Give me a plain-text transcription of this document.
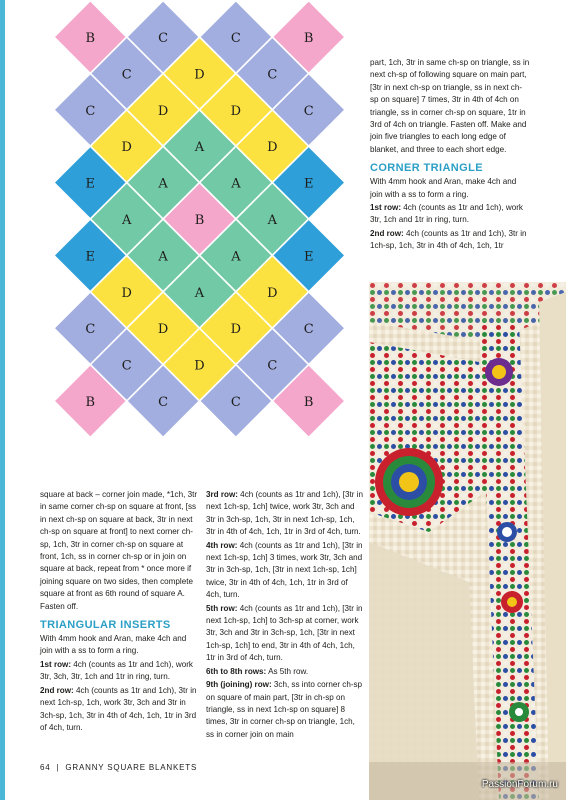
B	C	C	B
C	D	C
C	D	D	C
D	A	D
E	A	A	E
A	B	A
E	A	A	E
D	A	D
C	D	D	C
C	D	C
B	C	C	B

part, 1ch, 3tr in same ch-sp on triangle, ss in next ch-sp of following square on main part, [3tr in next ch-sp on triangle, ss in next ch-sp on square] 7 times, 3tr in 4th of 4ch on triangle, ss in corner ch-sp on square, 1tr in 3rd of 4ch on triangle. Fasten off. Make and join five triangles to each long edge of blanket, and three to each short edge.

CORNER TRIANGLE

With 4mm hook and Aran, make 4ch and join with a ss to form a ring.

1st row: 4ch (counts as 1tr and 1ch), work 3tr, 1ch and 1tr in ring, turn.

2nd row: 4ch (counts as 1tr and 1ch), 3tr in 1ch-sp, 1ch, 3tr in 4th of 4ch, 1ch, 1tr

square at back – corner join made, *1ch, 3tr in same corner ch-sp on square at front, [ss in next ch-sp on square at back, 3tr in next ch-sp on square at front] to next corner ch-sp, 1ch, 3tr in corner ch-sp on square at front, 1ch, ss in corner ch-sp or in join on square at back, repeat from * once more if joining square on two sides, then complete square at front as 6th round of square A. Fasten off.

TRIANGULAR INSERTS

With 4mm hook and Aran, make 4ch and join with a ss to form a ring.

1st row: 4ch (counts as 1tr and 1ch), work 3tr, 3ch, 3tr, 1ch and 1tr in ring, turn.

2nd row: 4ch (counts as 1tr and 1ch), 3tr in next 1ch-sp, 1ch, work 3tr, 3ch and 3tr in 3ch-sp, 1ch, 3tr in 4th of 4ch, 1ch, 1tr in 3rd of 4ch, turn.

3rd row: 4ch (counts as 1tr and 1ch), [3tr in next 1ch-sp, 1ch] twice, work 3tr, 3ch and 3tr in 3ch-sp, 1ch, 3tr in next 1ch-sp, 1ch, 3tr in 4th of 4ch, 1ch, 1tr in 3rd of 4ch, turn.

4th row: 4ch (counts as 1tr and 1ch), [3tr in next 1ch-sp, 1ch] 3 times, work 3tr, 3ch and 3tr in 3ch-sp, 1ch, [3tr in next 1ch-sp, 1ch] twice, 3tr in 4th of 4ch, 1ch, 1tr in 3rd of 4ch, turn.

5th row: 4ch (counts as 1tr and 1ch), [3tr in next 1ch-sp, 1ch] to 3ch-sp at corner, work 3tr, 3ch and 3tr in 3ch-sp, 1ch, [3tr in next 1ch-sp, 1ch] to end, 3tr in 4th of 4ch, 1ch, 1tr in 3rd of 4ch, turn.

6th to 8th rows: As 5th row.

9th (joining) row: 3ch, ss into corner ch-sp on square of main part, [3tr in ch-sp on triangle, ss in next 1ch-sp on square] 8 times, 3tr in corner ch-sp on triangle, 1ch, ss in corner join on main

64 | GRANNY SQUARE BLANKETS
PassionForum.ru
